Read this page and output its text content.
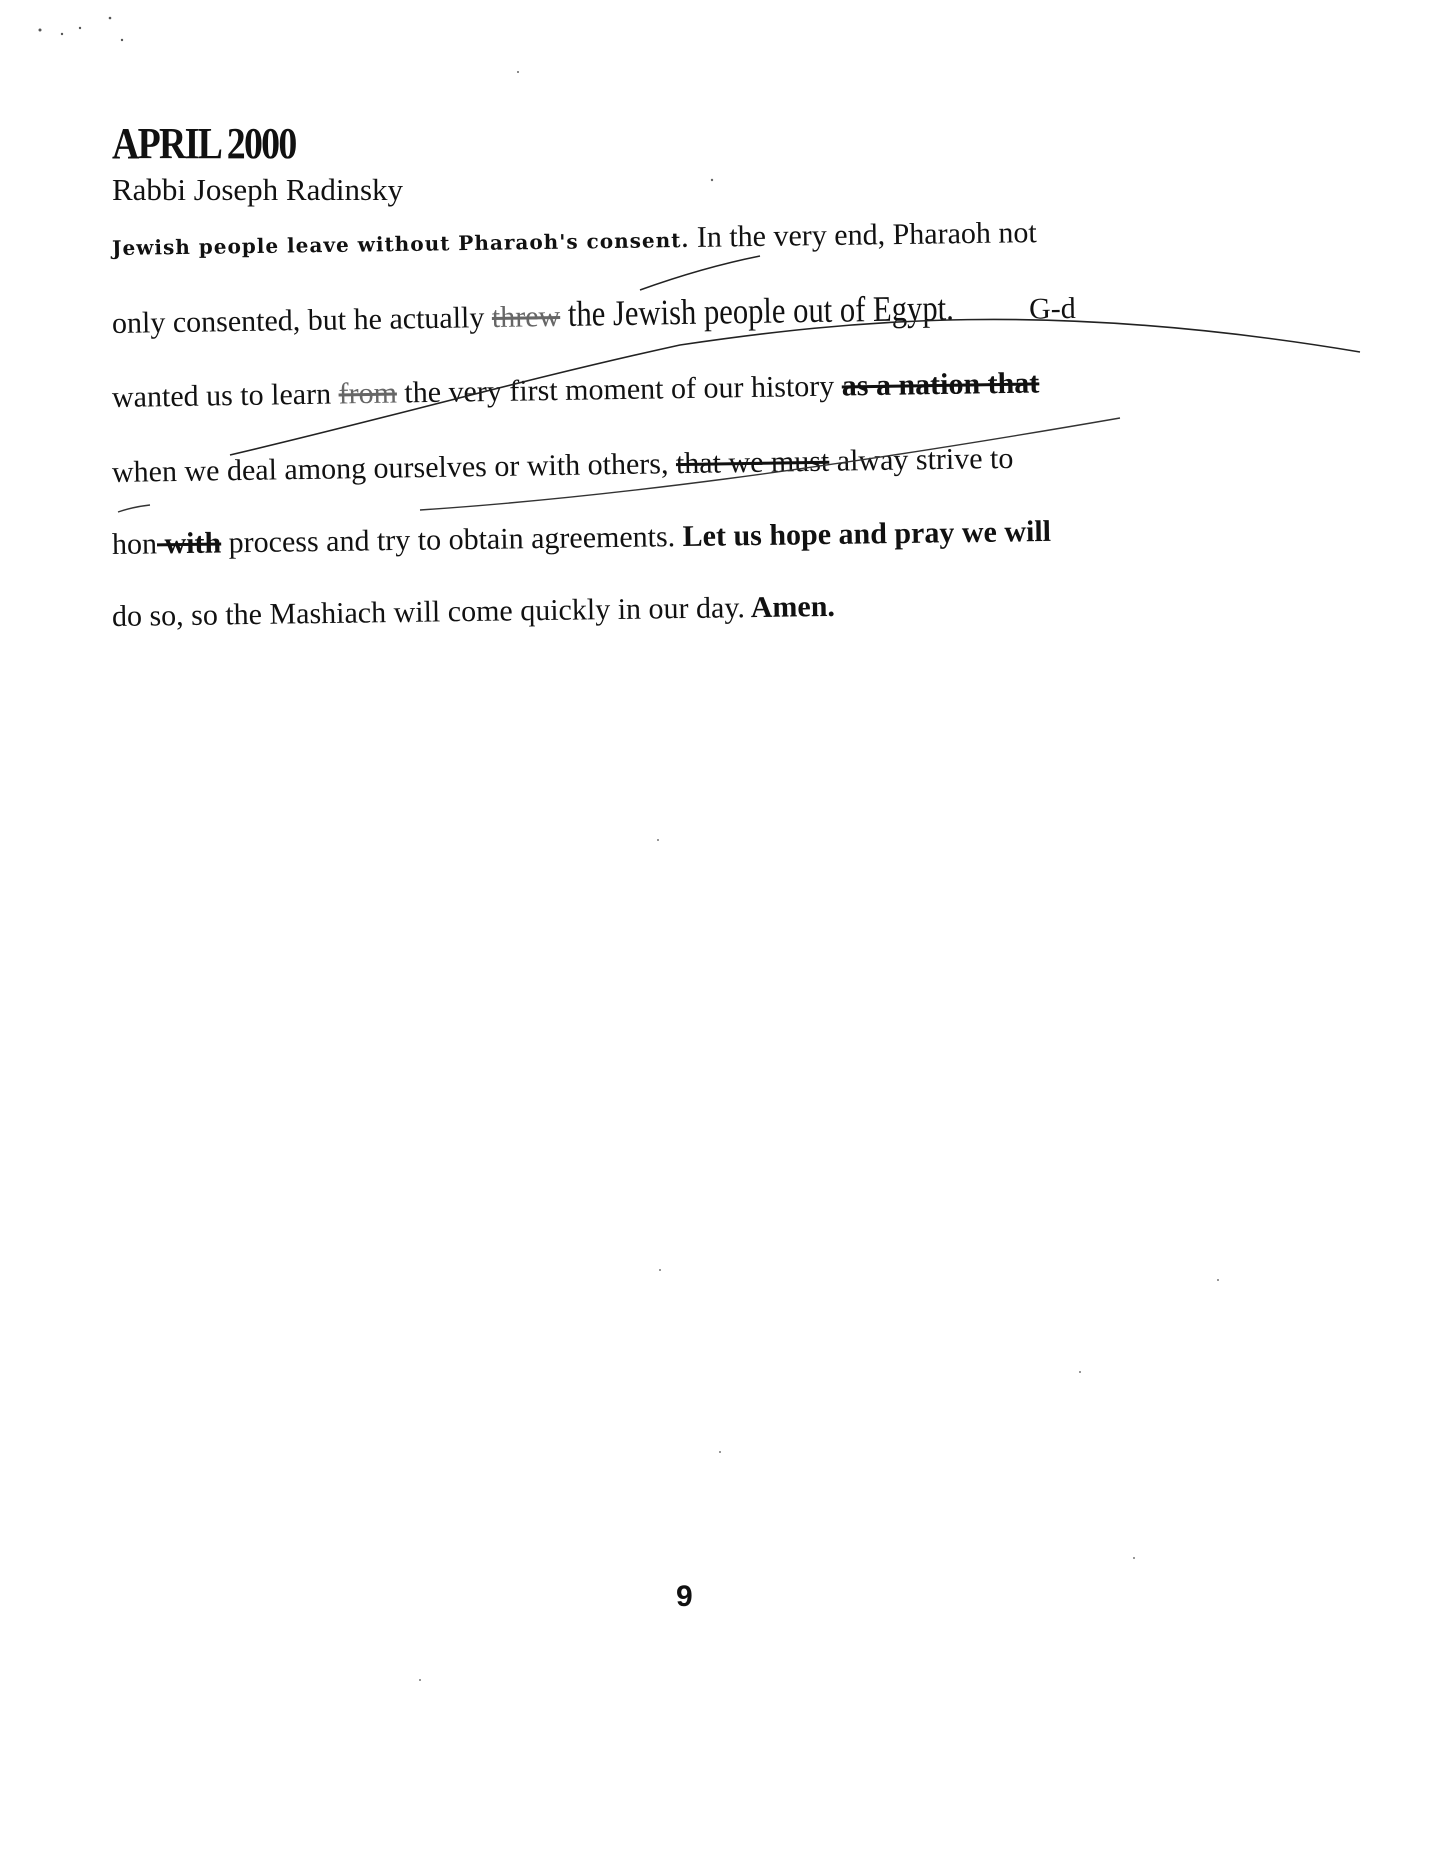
APRIL 2000
Rabbi Joseph Radinsky
Jewish people leave without Pharaoh's consent. In the very end, Pharaoh not
only consented, but he actually threw the Jewish people out of Egypt. G-d
wanted us to learn from the very first moment of our history as a nation that
when we deal among ourselves or with others, that we must alway strive to
hon with process and try to obtain agreements. Let us hope and pray we will
do so, so the Mashiach will come quickly in our day. Amen.
9
